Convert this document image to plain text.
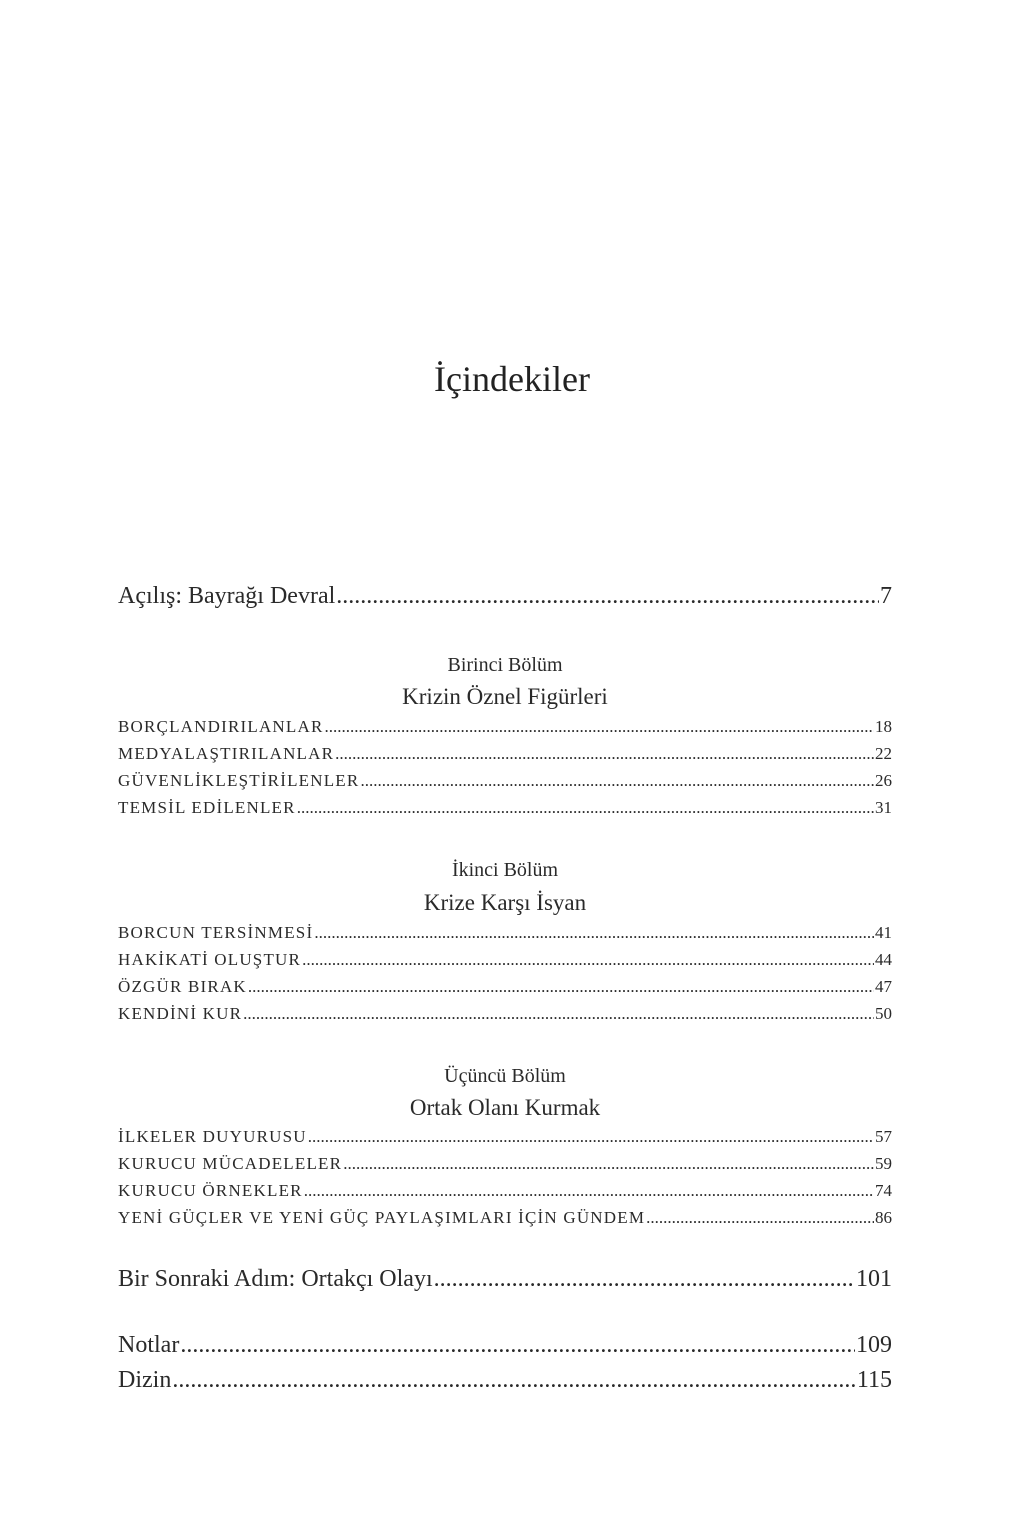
İçindekiler
Açılış: Bayrağı Devral .....	7
Birinci Bölüm
Krizin Öznel Figürleri
BORÇLANDIRILANLAR .....	18
MEDYALAŞTIRILANLAR .....	22
GÜVENLİKLEŞTİRİLENLER .....	26
TEMSİL EDİLENLER .....	31
İkinci Bölüm
Krize Karşı İsyan
BORCUN TERSİNMESİ .....	41
HAKİKATİ OLUŞTUR .....	44
ÖZGÜR BIRAK .....	47
KENDİNİ KUR .....	50
Üçüncü Bölüm
Ortak Olanı Kurmak
İLKELER DUYURUSU .....	57
KURUCU MÜCADELELER .....	59
KURUCU ÖRNEKLER .....	74
YENİ GÜÇLER VE YENİ GÜÇ PAYLAŞIMLARI İÇİN GÜNDEM .....	86
Bir Sonraki Adım: Ortakçı Olayı .....	101
Notlar .....	109
Dizin .....	115
